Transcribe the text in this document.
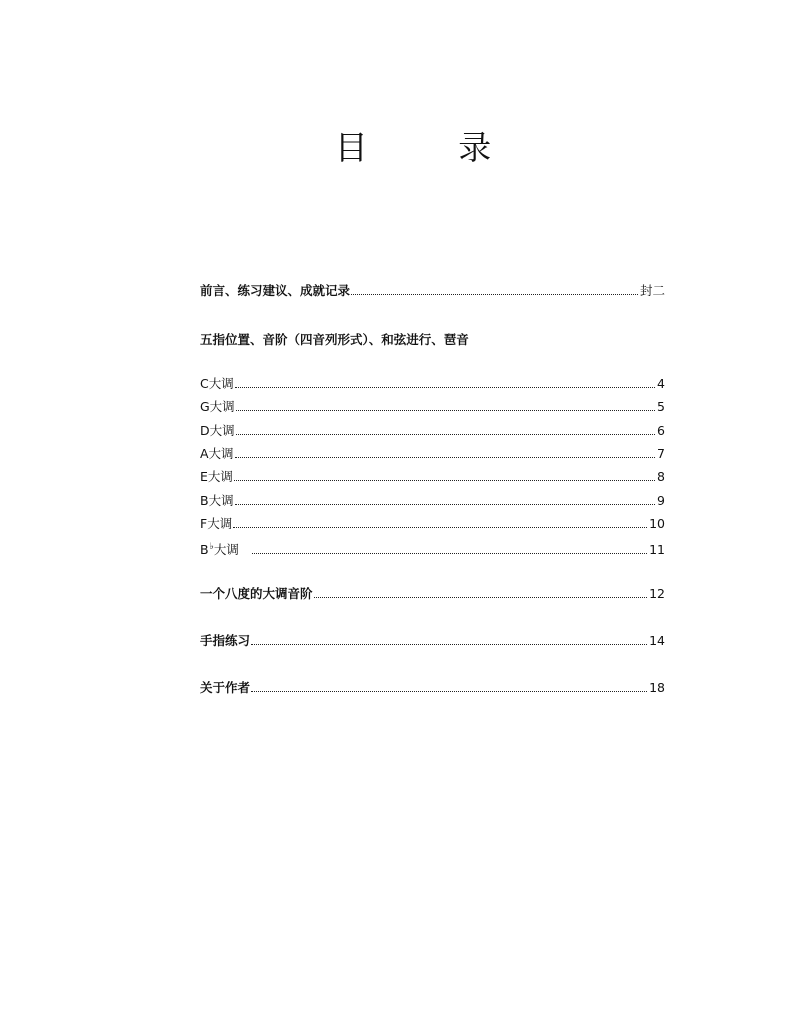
目 录
前言、练习建议、成就记录	封二
五指位置、音阶（四音列形式）、和弦进行、琶音
C大调	4
G大调	5
D大调	6
A大调	7
E大调	8
B大调	9
F大调	10
B♭大调	11
一个八度的大调音阶	12
手指练习	14
关于作者	18
